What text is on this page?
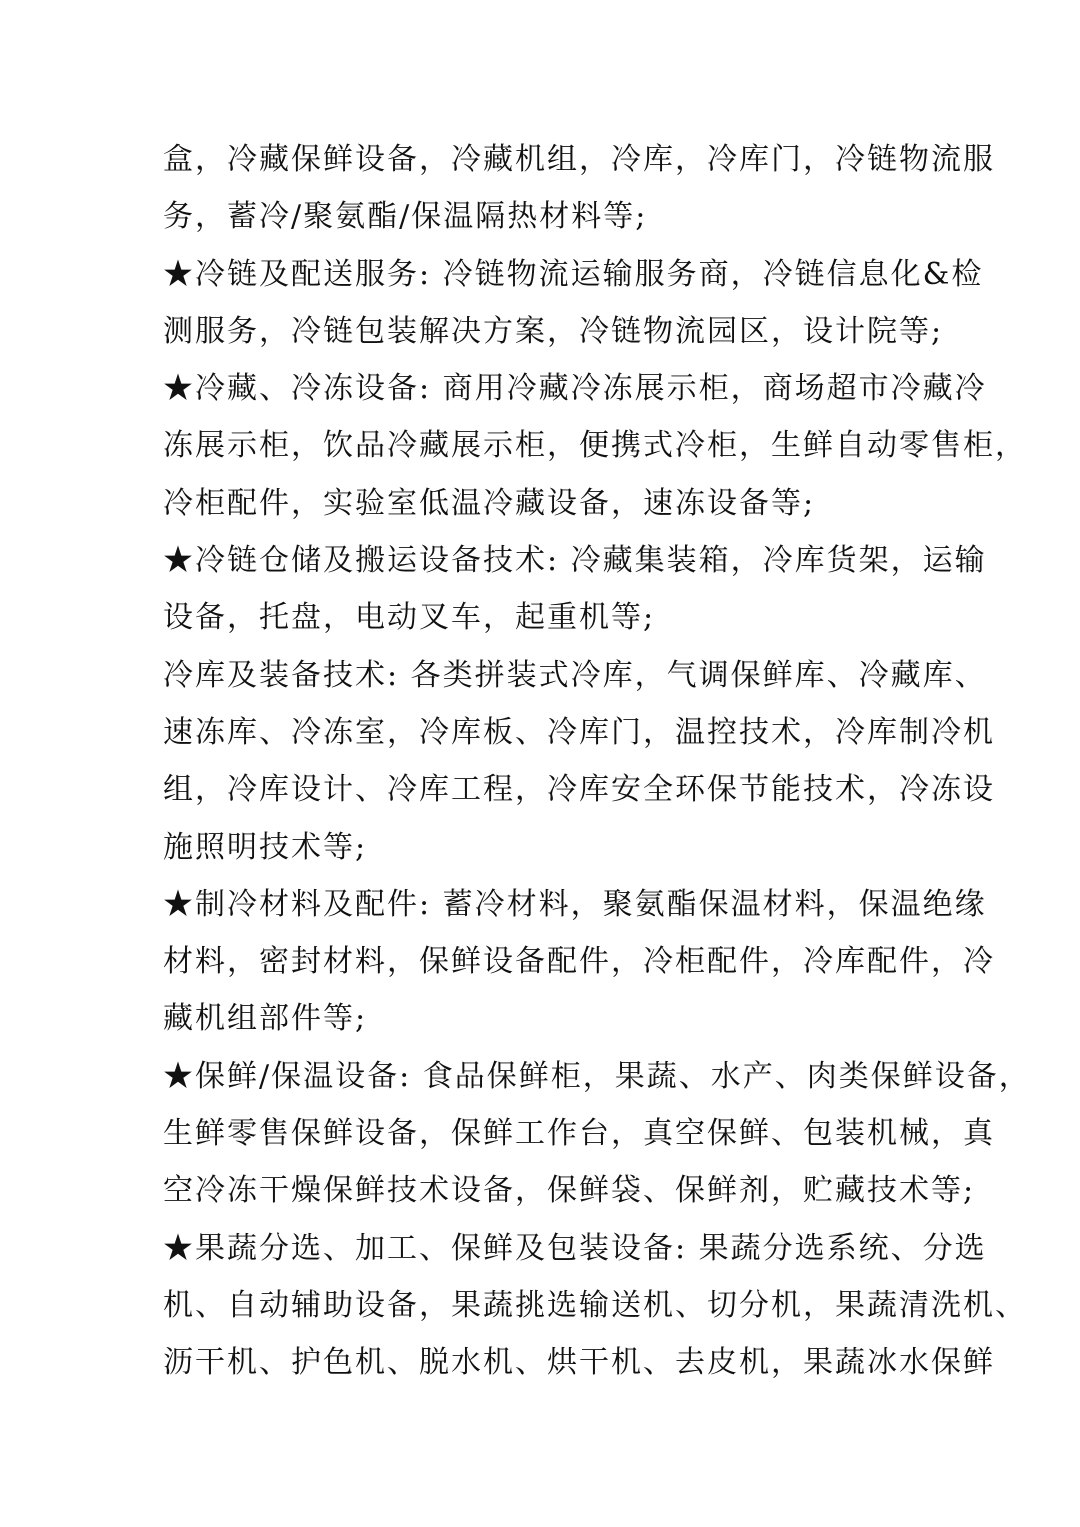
盒，冷藏保鲜设备，冷藏机组，冷库，冷库门，冷链物流服
务，蓄冷/聚氨酯/保温隔热材料等;

★冷链及配送服务: 冷链物流运输服务商，冷链信息化&检
测服务，冷链包装解决方案，冷链物流园区，设计院等;

★冷藏、冷冻设备: 商用冷藏冷冻展示柜，商场超市冷藏冷
冻展示柜，饮品冷藏展示柜，便携式冷柜，生鲜自动零售柜，
冷柜配件，实验室低温冷藏设备，速冻设备等;

★冷链仓储及搬运设备技术: 冷藏集装箱，冷库货架，运输
设备，托盘，电动叉车，起重机等;

冷库及装备技术: 各类拼装式冷库，气调保鲜库、冷藏库、
速冻库、冷冻室，冷库板、冷库门，温控技术，冷库制冷机
组，冷库设计、冷库工程，冷库安全环保节能技术，冷冻设
施照明技术等;

★制冷材料及配件: 蓄冷材料，聚氨酯保温材料，保温绝缘
材料，密封材料，保鲜设备配件，冷柜配件，冷库配件，冷
藏机组部件等;

★保鲜/保温设备: 食品保鲜柜，果蔬、水产、肉类保鲜设备，
生鲜零售保鲜设备，保鲜工作台，真空保鲜、包装机械，真
空冷冻干燥保鲜技术设备，保鲜袋、保鲜剂，贮藏技术等;

★果蔬分选、加工、保鲜及包装设备: 果蔬分选系统、分选
机、自动辅助设备，果蔬挑选输送机、切分机，果蔬清洗机、
沥干机、护色机、脱水机、烘干机、去皮机，果蔬冰水保鲜
